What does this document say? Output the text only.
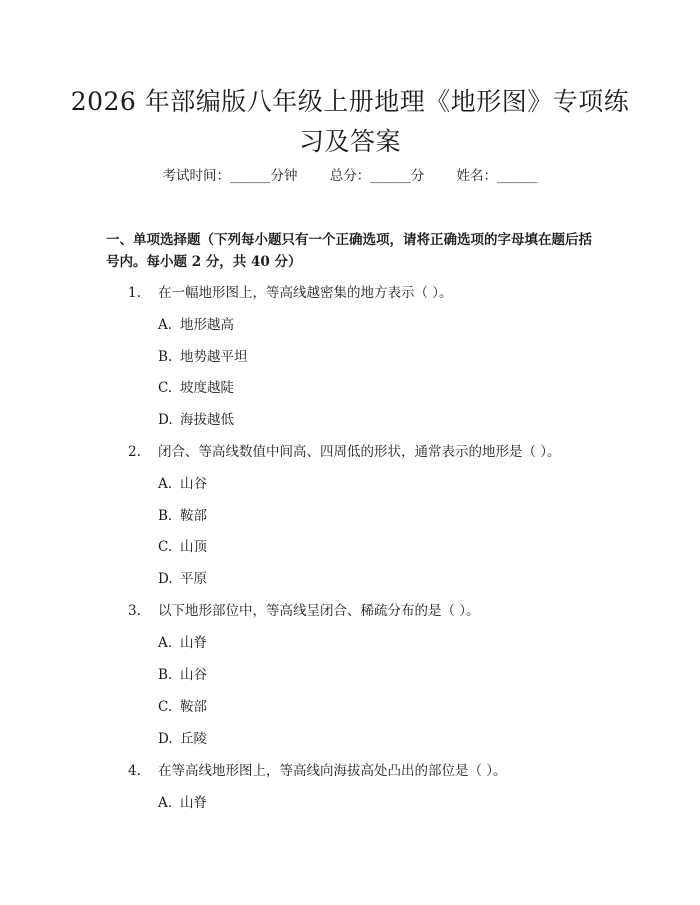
2026 年部编版八年级上册地理《地形图》专项练习及答案
考试时间：______分钟 总分：______分 姓名：______

一、单项选择题（下列每小题只有一个正确选项，请将正确选项的字母填在题后括号内。每小题 2 分，共 40 分）

1. 在一幅地形图上，等高线越密集的地方表示（ ）。
A. 地形越高
B. 地势越平坦
C. 坡度越陡
D. 海拔越低
2. 闭合、等高线数值中间高、四周低的形状，通常表示的地形是（ ）。
A. 山谷
B. 鞍部
C. 山顶
D. 平原
3. 以下地形部位中，等高线呈闭合、稀疏分布的是（ ）。
A. 山脊
B. 山谷
C. 鞍部
D. 丘陵
4. 在等高线地形图上，等高线向海拔高处凸出的部位是（ ）。
A. 山脊
